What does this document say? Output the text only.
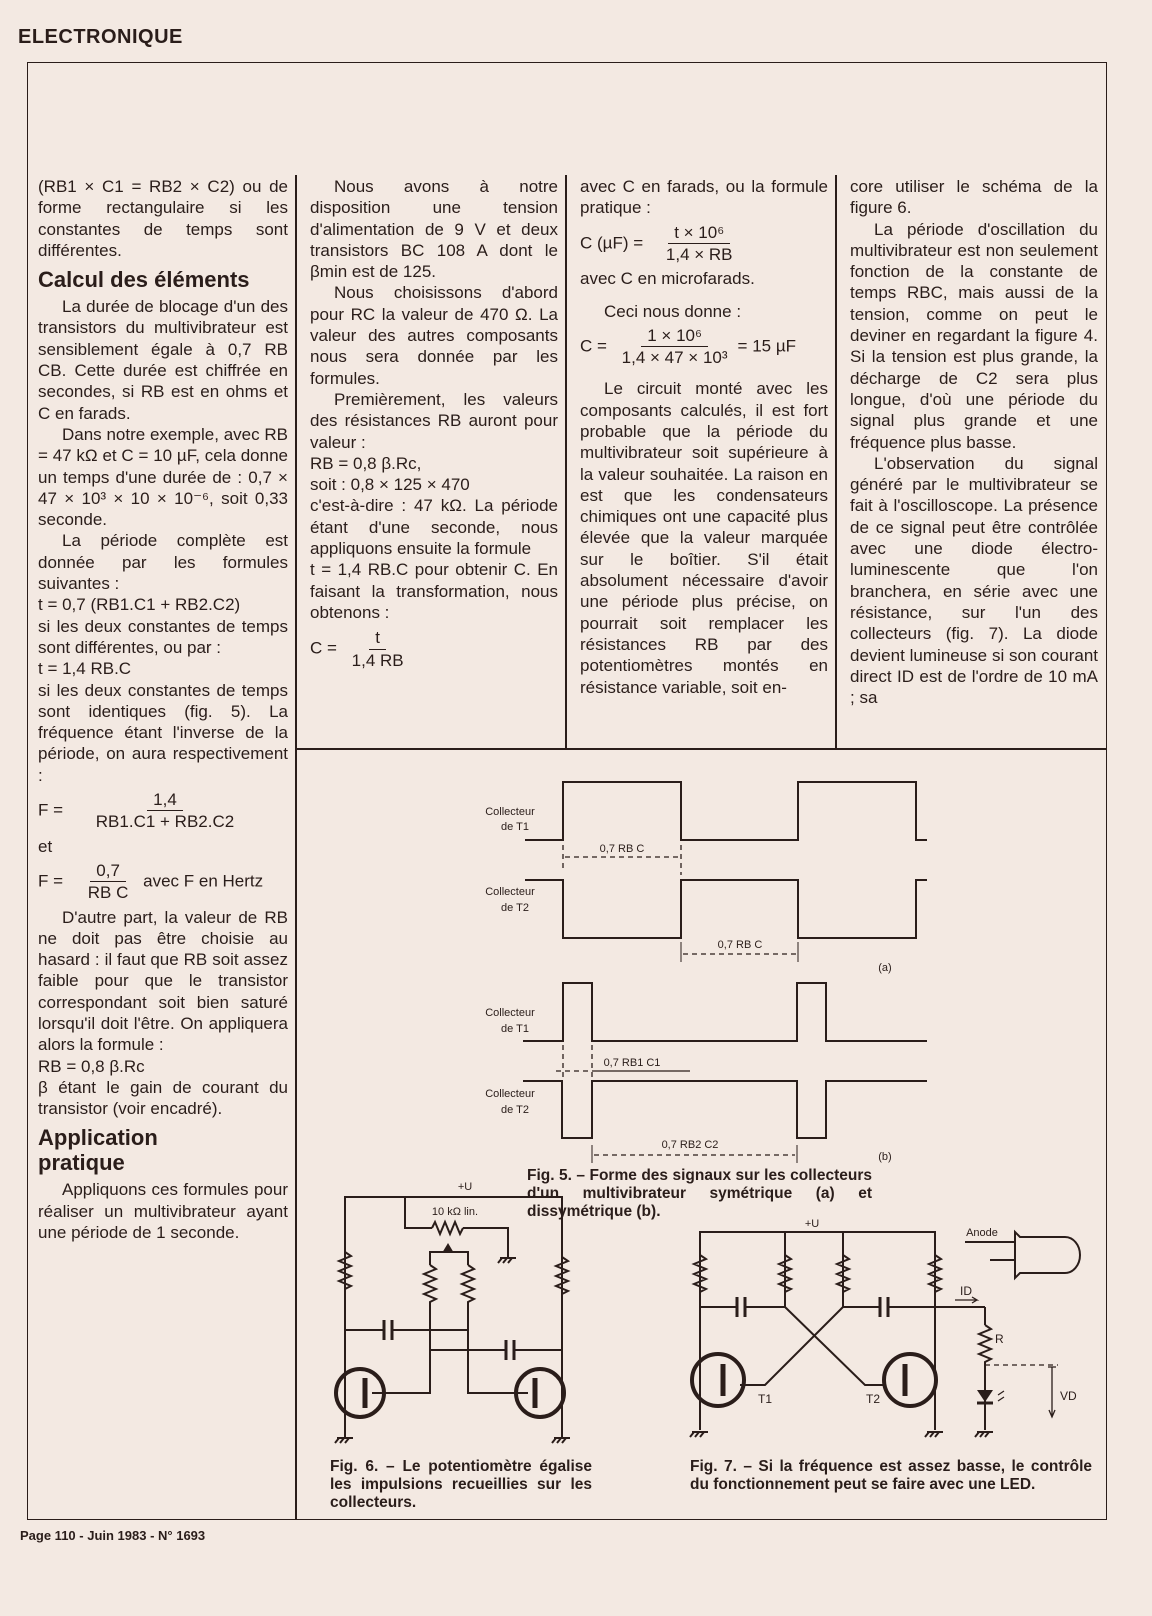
ELECTRONIQUE

(RB1 × C1 = RB2 × C2) ou de forme rectangulaire si les constantes de temps sont différentes.

Calcul des éléments

La durée de blocage d'un des transistors du multivibrateur est sensiblement égale à 0,7 RB CB. Cette durée est chiffrée en secondes, si RB est en ohms et C en farads.

Dans notre exemple, avec RB = 47 kΩ et C = 10 µF, cela donne un temps d'une durée de : 0,7 × 47 × 10³ × 10 × 10⁻⁶, soit 0,33 seconde.

La période complète est donnée par les formules suivantes :

t = 0,7 (RB1.C1 + RB2.C2)

si les deux constantes de temps sont différentes, ou par :

t = 1,4 RB.C

si les deux constantes de temps sont identiques (fig. 5). La fréquence étant l'inverse de la période, on aura respectivement :

$F = \frac{1,4}{RB1.C1 + RB2.C2}$

et

$F = \frac{0,7}{\text{RB C}}$ avec F en Hertz

D'autre part, la valeur de RB ne doit pas être choisie au hasard : il faut que RB soit assez faible pour que le transistor correspondant soit bien saturé lorsqu'il doit l'être. On appliquera alors la formule :

RB = 0,8 β.Rc

β étant le gain de courant du transistor (voir encadré).

Application pratique

Appliquons ces formules pour réaliser un multivibrateur ayant une période de 1 seconde.

Nous avons à notre disposition une tension d'alimentation de 9 V et deux transistors BC 108 A dont le βmin est de 125.

Nous choisissons d'abord pour RC la valeur de 470 Ω. La valeur des autres composants nous sera donnée par les formules.

Premièrement, les valeurs des résistances RB auront pour valeur :

RB = 0,8 β.Rc,

soit : 0,8 × 125 × 470

c'est-à-dire : 47 kΩ. La période étant d'une seconde, nous appliquons ensuite la formule

t = 1,4 RB.C pour obtenir C. En faisant la transformation, nous obtenons :

$C = \frac{t}{1,4 RB}$

avec C en farads, ou la formule pratique :

C $(\mu F) = \frac{\text{t × 10⁶}}{1,4 \times RB}$

avec C en microfarads.

Ceci nous donne :

$C = \frac{\text{1 × 10⁶}}{\text{1,4 × 47 × 10³}} = 15$ µF

Le circuit monté avec les composants calculés, il est fort probable que la période du multivibrateur soit supérieure à la valeur souhaitée. La raison en est que les condensateurs chimiques ont une capacité plus élevée que la valeur marquée sur le boîtier. S'il était absolument nécessaire d'avoir une période plus précise, on pourrait soit remplacer les résistances RB par des potentiomètres montés en résistance variable, soit en-

core utiliser le schéma de la figure 6.

La période d'oscillation du multivibrateur est non seulement fonction de la constante de temps RBC, mais aussi de la tension, comme on peut le deviner en regardant la figure 4. Si la tension est plus grande, la décharge de C2 sera plus longue, d'où une période du signal plus grande et une fréquence plus basse.

L'observation du signal généré par le multivibrateur se fait à l'oscilloscope. La présence de ce signal peut être contrôlée avec une diode électro-luminescente que l'on branchera, en série avec une résistance, sur l'un des collecteurs (fig. 7). La diode devient lumineuse si son courant direct ID est de l'ordre de 10 mA ; sa

Collecteur
de T1
Collecteur
de T2
0,7 RB C
0,7 RB C
(a)
Collecteur
de T1
Collecteur
de T2
0,7 RB1 C1
0,7 RB2 C2
(b)
+U
10 kΩ lin.
+U
T1	T2
R
ID
VD
Anode
Fig. 5. – Forme des signaux sur les collecteurs d'un multivibrateur symétrique (a) et dissymétrique (b).
Fig. 6. – Le potentiomètre égalise les impulsions recueillies sur les collecteurs.
Fig. 7. – Si la fréquence est assez basse, le contrôle du fonctionnement peut se faire avec une LED.
Page 110 - Juin 1983 - N° 1693
